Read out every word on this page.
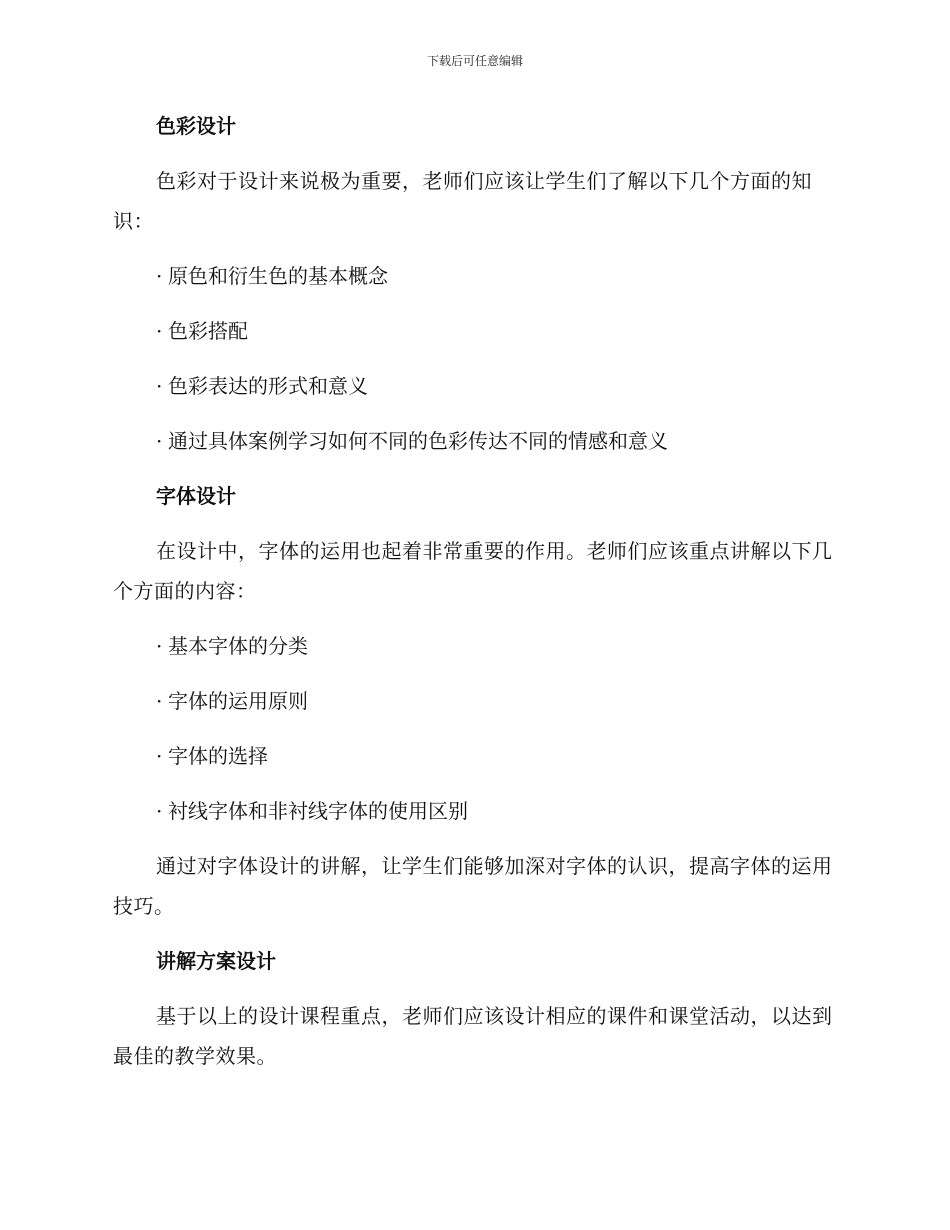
下载后可任意编辑
色彩设计
色彩对于设计来说极为重要，老师们应该让学生们了解以下几个方面的知识：
· 原色和衍生色的基本概念
· 色彩搭配
· 色彩表达的形式和意义
· 通过具体案例学习如何不同的色彩传达不同的情感和意义
字体设计
在设计中，字体的运用也起着非常重要的作用。老师们应该重点讲解以下几个方面的内容：
· 基本字体的分类
· 字体的运用原则
· 字体的选择
· 衬线字体和非衬线字体的使用区别
通过对字体设计的讲解，让学生们能够加深对字体的认识，提高字体的运用技巧。
讲解方案设计
基于以上的设计课程重点，老师们应该设计相应的课件和课堂活动，以达到最佳的教学效果。
